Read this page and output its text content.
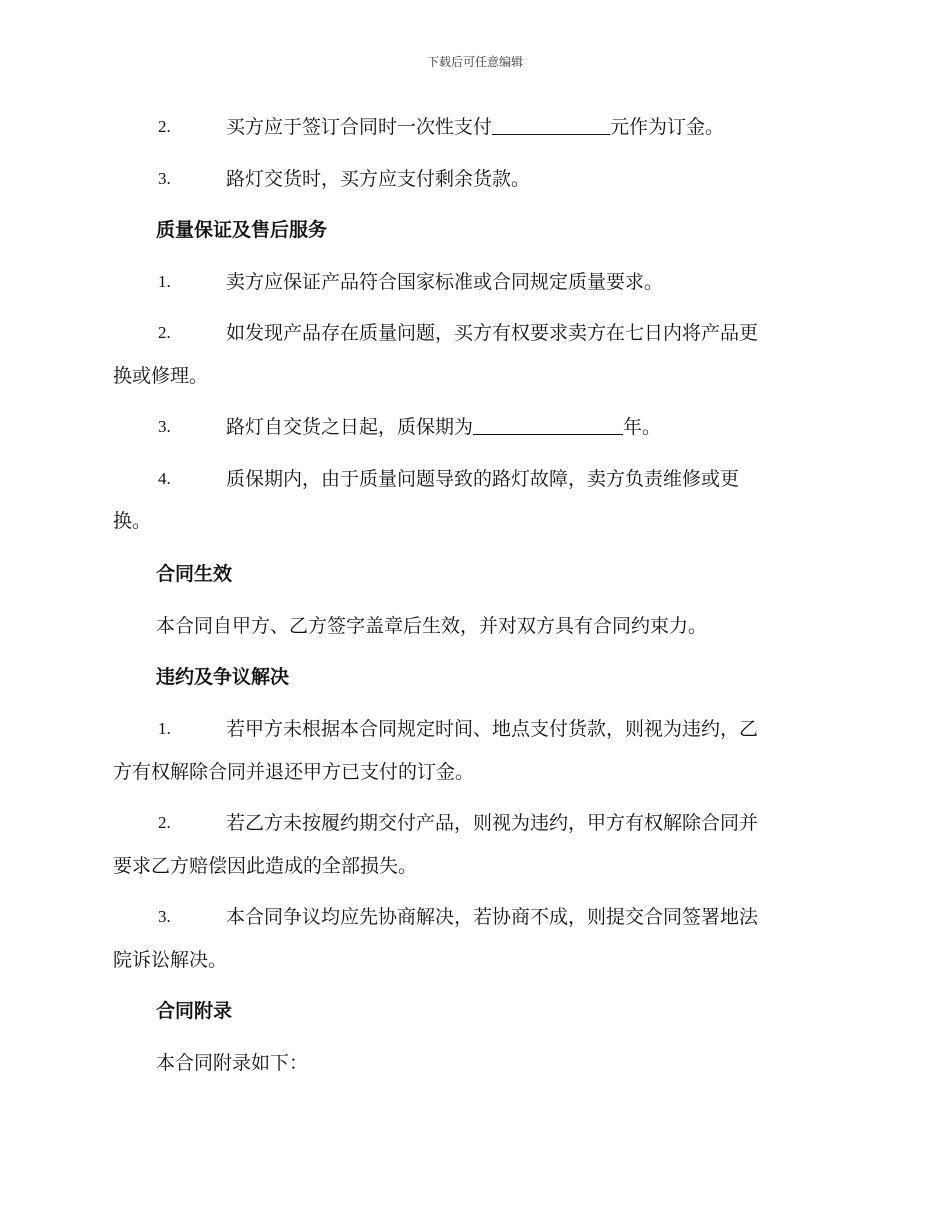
下载后可任意编辑
2.	买方应于签订合同时一次性支付	元作为订金。
3.	路灯交货时，买方应支付剩余货款。
质量保证及售后服务
1.	卖方应保证产品符合国家标准或合同规定质量要求。
2.	如发现产品存在质量问题，买方有权要求卖方在七日内将产品更
换或修理。
3.	路灯自交货之日起，质保期为	年。
4.	质保期内，由于质量问题导致的路灯故障，卖方负责维修或更
换。
合同生效
本合同自甲方、乙方签字盖章后生效，并对双方具有合同约束力。
违约及争议解决
1.	若甲方未根据本合同规定时间、地点支付货款，则视为违约，乙
方有权解除合同并退还甲方已支付的订金。
2.	若乙方未按履约期交付产品，则视为违约，甲方有权解除合同并
要求乙方赔偿因此造成的全部损失。
3.	本合同争议均应先协商解决，若协商不成，则提交合同签署地法
院诉讼解决。
合同附录
本合同附录如下：
